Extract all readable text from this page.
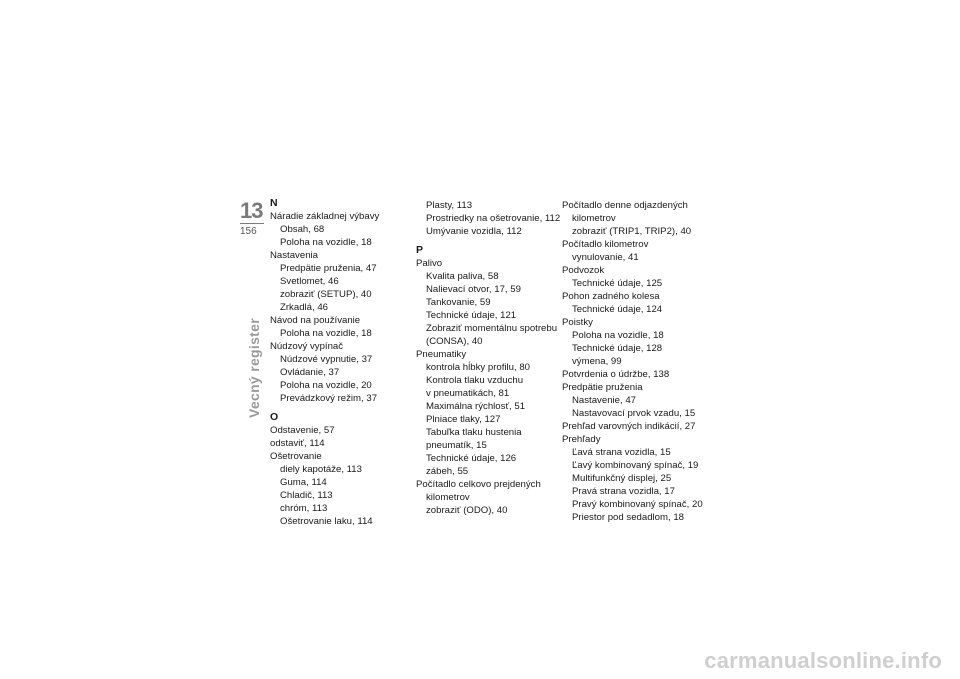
13
156
Vecný register
N
Náradie základnej výbavy
Obsah, 68
Poloha na vozidle, 18
Nastavenia
Predpätie pruženia, 47
Svetlomet, 46
zobraziť (SETUP), 40
Zrkadlá, 46
Návod na používanie
Poloha na vozidle, 18
Núdzový vypínač
Núdzové vypnutie, 37
Ovládanie, 37
Poloha na vozidle, 20
Prevádzkový režim, 37
O
Odstavenie, 57
odstaviť, 114
Ošetrovanie
diely kapotáže, 113
Guma, 114
Chladič, 113
chróm, 113
Ošetrovanie laku, 114
Plasty, 113
Prostriedky na ošetrovanie, 112
Umývanie vozidla, 112
P
Palivo
Kvalita paliva, 58
Nalievací otvor, 17, 59
Tankovanie, 59
Technické údaje, 121
Zobraziť momentálnu spotrebu
(CONSA), 40
Pneumatiky
kontrola hĺbky profilu, 80
Kontrola tlaku vzduchu
v pneumatikách, 81
Maximálna rýchlosť, 51
Plniace tlaky, 127
Tabuľka tlaku hustenia
pneumatík, 15
Technické údaje, 126
zábeh, 55
Počítadlo celkovo prejdených
kilometrov
zobraziť (ODO), 40
Počítadlo denne odjazdených
kilometrov
zobraziť (TRIP1, TRIP2), 40
Počítadlo kilometrov
vynulovanie, 41
Podvozok
Technické údaje, 125
Pohon zadného kolesa
Technické údaje, 124
Poistky
Poloha na vozidle, 18
Technické údaje, 128
výmena, 99
Potvrdenia o údržbe, 138
Predpätie pruženia
Nastavenie, 47
Nastavovací prvok vzadu, 15
Prehľad varovných indikácií, 27
Prehľady
Ľavá strana vozidla, 15
Ľavý kombinovaný spínač, 19
Multifunkčný displej, 25
Pravá strana vozidla, 17
Pravý kombinovaný spínač, 20
Priestor pod sedadlom, 18
carmanualsonline.info
